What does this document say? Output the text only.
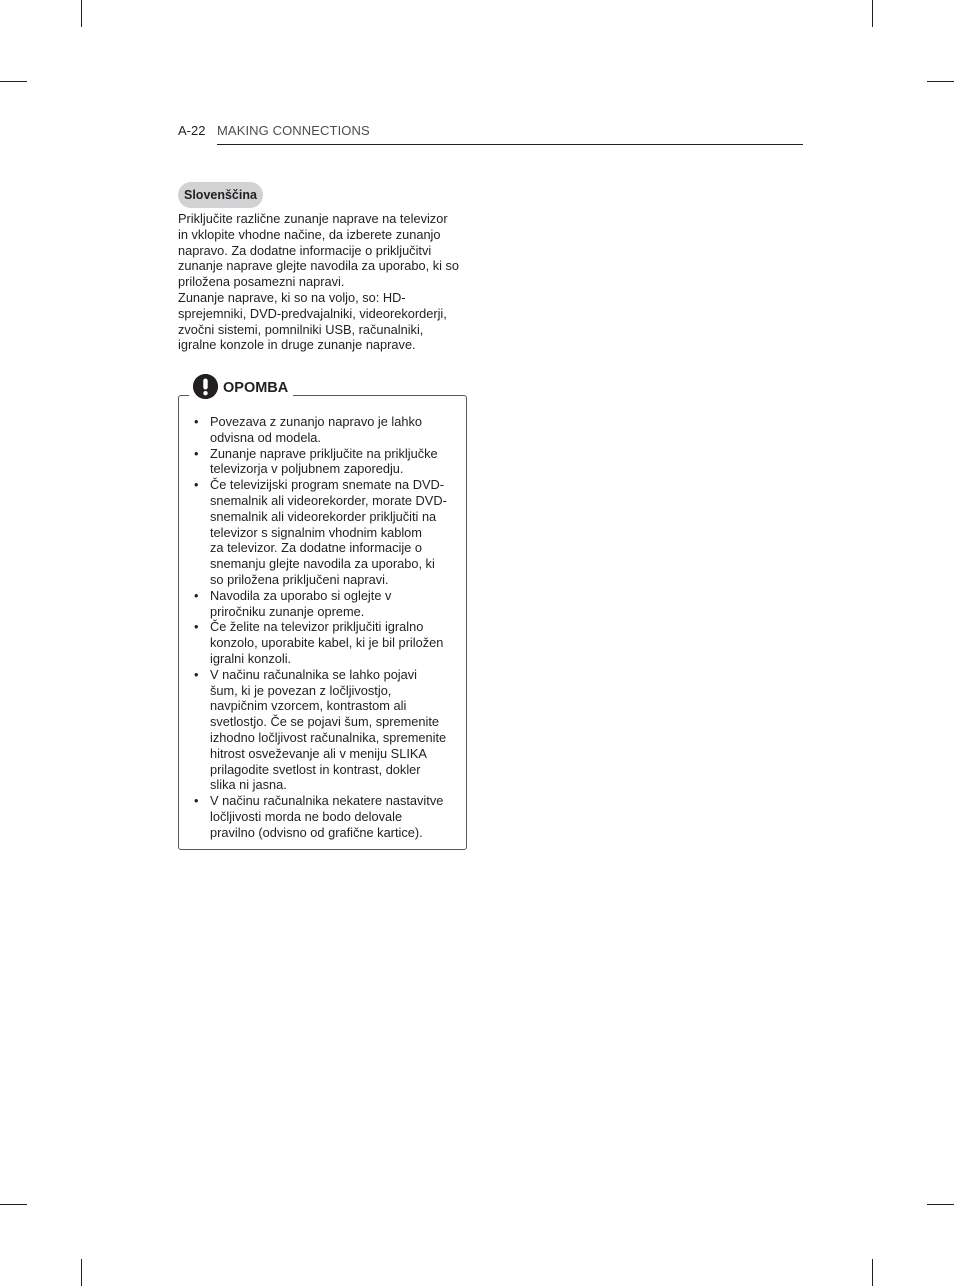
A-22 MAKING CONNECTIONS
Slovenščina

Priključite različne zunanje naprave na televizor
in vklopite vhodne načine, da izberete zunanjo
napravo. Za dodatne informacije o priključitvi
zunanje naprave glejte navodila za uporabo, ki so
priložena posamezni napravi.

Zunanje naprave, ki so na voljo, so: HD-
sprejemniki, DVD-predvajalniki, videorekorderji,
zvočni sistemi, pomnilniki USB, računalniki,
igralne konzole in druge zunanje naprave.

OPOMBA
• Povezava z zunanjo napravo je lahko
odvisna od modela.
• Zunanje naprave priključite na priključke
televizorja v poljubnem zaporedju.
• Če televizijski program snemate na DVD-
snemalnik ali videorekorder, morate DVD-
snemalnik ali videorekorder priključiti na
televizor s signalnim vhodnim kablom
za televizor. Za dodatne informacije o
snemanju glejte navodila za uporabo, ki
so priložena priključeni napravi.
• Navodila za uporabo si oglejte v
priročniku zunanje opreme.
• Če želite na televizor priključiti igralno
konzolo, uporabite kabel, ki je bil priložen
igralni konzoli.
• V načinu računalnika se lahko pojavi
šum, ki je povezan z ločljivostjo,
navpičnim vzorcem, kontrastom ali
svetlostjo. Če se pojavi šum, spremenite
izhodno ločljivost računalnika, spremenite
hitrost osveževanje ali v meniju SLIKA
prilagodite svetlost in kontrast, dokler
slika ni jasna.
• V načinu računalnika nekatere nastavitve
ločljivosti morda ne bodo delovale
pravilno (odvisno od grafične kartice).
